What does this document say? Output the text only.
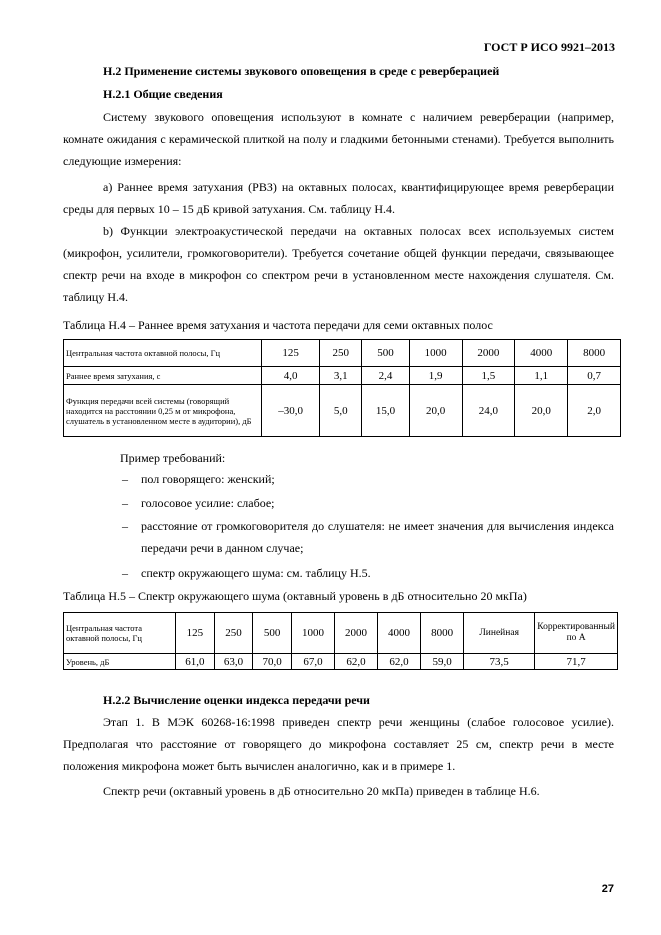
ГОСТ Р ИСО 9921–2013
Н.2 Применение системы звукового оповещения в среде с реверберацией
Н.2.1 Общие сведения
Систему звукового оповещения используют в комнате с наличием реверберации (например, комнате ожидания с керамической плиткой на полу и гладкими бетонными стенами). Требуется выполнить следующие измерения:
а) Раннее время затухания (РВЗ) на октавных полосах, квантифицирующее время реверберации среды для первых 10 – 15 дБ кривой затухания. См. таблицу Н.4.
b) Функции электроакустической передачи на октавных полосах всех используемых систем (микрофон, усилители, громкоговорители). Требуется сочетание общей функции передачи, связывающее спектр речи на входе в микрофон со спектром речи в установленном месте нахождения слушателя. См. таблицу Н.4.
Таблица Н.4 – Раннее время затухания и частота передачи для семи октавных полос
Центральная частота октавной полосы, Гц	125	250	500	1000	2000	4000	8000
Раннее время затухания, с	4,0	3,1	2,4	1,9	1,5	1,1	0,7
Функция передачи всей системы (говорящий находится на расстоянии 0,25 м от микрофона, слушатель в установленном месте в аудитории), дБ	–30,0	5,0	15,0	20,0	24,0	20,0	2,0
Пример требований:
– пол говорящего: женский;
– голосовое усилие: слабое;
– расстояние от громкоговорителя до слушателя: не имеет значения для вычисления индекса передачи речи в данном случае;
– спектр окружающего шума: см. таблицу Н.5.
Таблица Н.5 – Спектр окружающего шума (октавный уровень в дБ относительно 20 мкПа)
Центральная частота октавной полосы, Гц	125	250	500	1000	2000	4000	8000	Линейная	Корректированный по А
Уровень, дБ	61,0	63,0	70,0	67,0	62,0	62,0	59,0	73,5	71,7
Н.2.2 Вычисление оценки индекса передачи речи
Этап 1. В МЭК 60268-16:1998 приведен спектр речи женщины (слабое голосовое усилие). Предполагая что расстояние от говорящего до микрофона составляет 25 см, спектр речи в месте положения микрофона может быть вычислен аналогично, как и в примере 1.
Спектр речи (октавный уровень в дБ относительно 20 мкПа) приведен в таблице Н.6.
27
